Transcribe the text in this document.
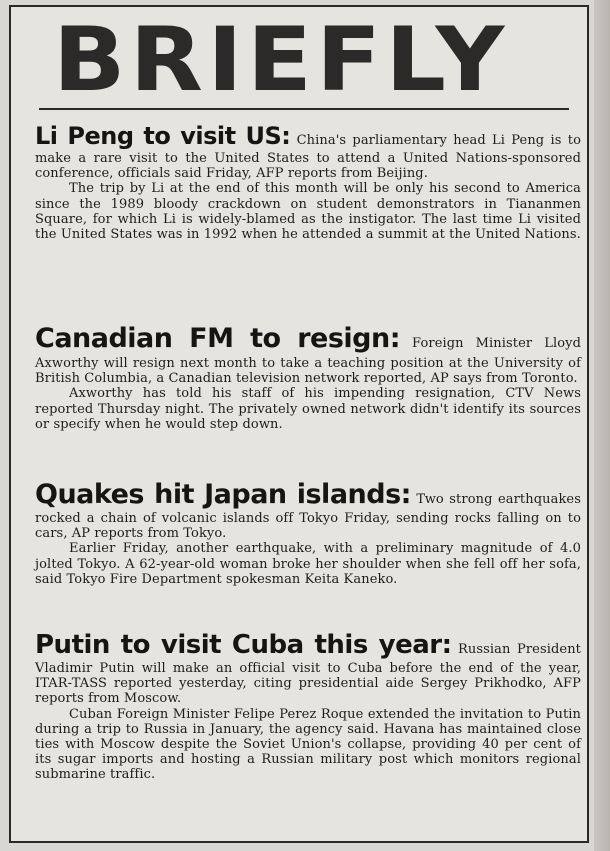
BRIEFLY

Li Peng to visit US: China's parliamentary head Li Peng is to make a rare visit to the United States to attend a United Nations-sponsored conference, officials said Friday, AFP reports from Beijing.

The trip by Li at the end of this month will be only his second to America since the 1989 bloody crackdown on student demonstrators in Tiananmen Square, for which Li is widely-blamed as the instigator. The last time Li visited the United States was in 1992 when he attended a summit at the United Nations.

Canadian FM to resign: Foreign Minister Lloyd Axworthy will resign next month to take a teaching position at the University of British Columbia, a Canadian television network reported, AP says from Toronto.

Axworthy has told his staff of his impending resignation, CTV News reported Thursday night. The privately owned network didn't identify its sources or specify when he would step down.

Quakes hit Japan islands: Two strong earthquakes rocked a chain of volcanic islands off Tokyo Friday, sending rocks falling on to cars, AP reports from Tokyo.

Earlier Friday, another earthquake, with a preliminary magnitude of 4.0 jolted Tokyo. A 62-year-old woman broke her shoulder when she fell off her sofa, said Tokyo Fire Department spokesman Keita Kaneko.

Putin to visit Cuba this year: Russian President Vladimir Putin will make an official visit to Cuba before the end of the year, ITAR-TASS reported yesterday, citing presidential aide Sergey Prikhodko, AFP reports from Moscow.

Cuban Foreign Minister Felipe Perez Roque extended the invitation to Putin during a trip to Russia in January, the agency said. Havana has maintained close ties with Moscow despite the Soviet Union's collapse, providing 40 per cent of its sugar imports and hosting a Russian military post which monitors regional submarine traffic.
